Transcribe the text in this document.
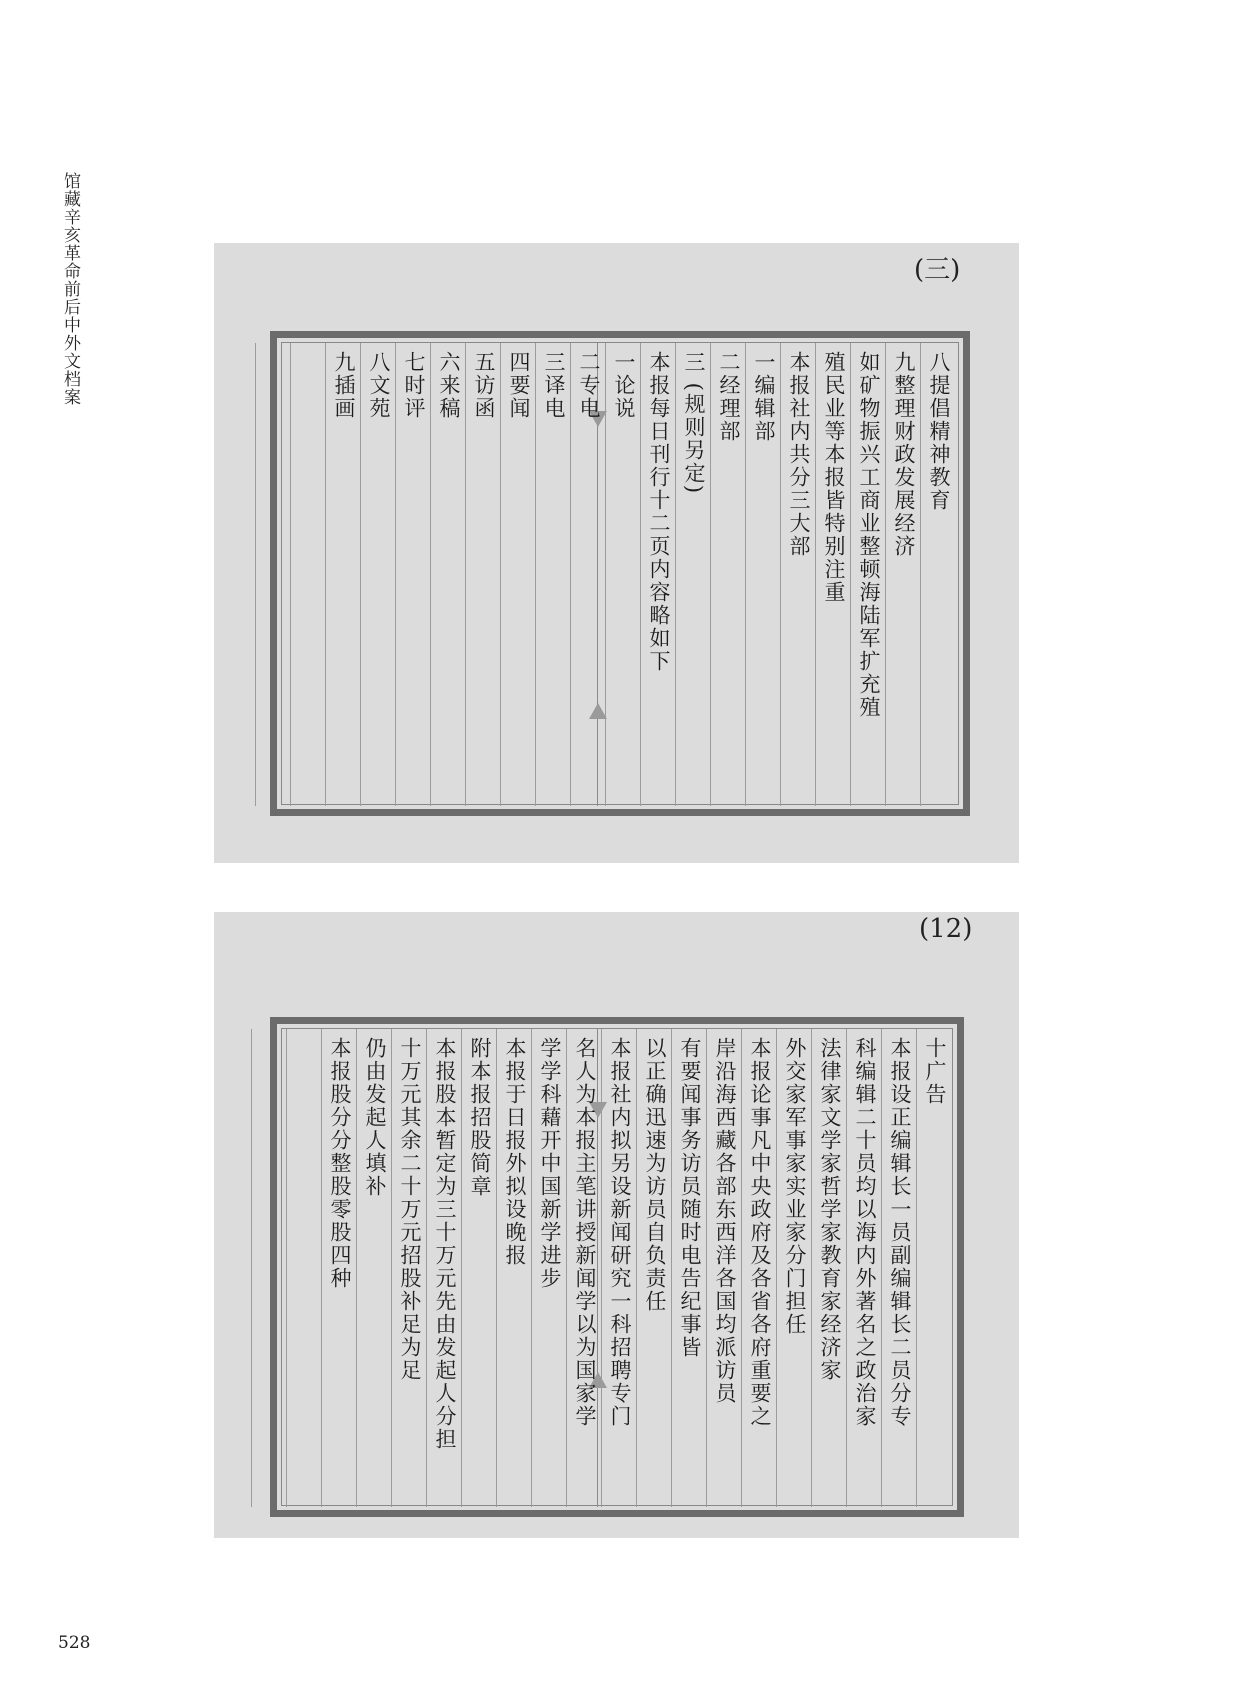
馆藏辛亥革命前后中外文档案	(三)
八提倡精神教育
九整理财政发展经济
如矿物振兴工商业整顿海陆军扩充殖
殖民业等本报皆特别注重
本报社内共分三大部
一编辑部
二经理部
三 (规则另定)
本报每日刊行十二页内容略如下
一论说
二专电
三译电
四要闻
五访函
六来稿
七时评
八文苑
九插画
(12)
十广告
本报设正编辑长一员副编辑长二员分专
科编辑二十员均以海内外著名之政治家
法律家文学家哲学家教育家经济家
外交家军事家实业家分门担任
本报论事凡中央政府及各省各府重要之
岸沿海西藏各部东西洋各国均派访员
有要闻事务访员随时电告纪事皆
以正确迅速为访员自负责任
本报社内拟另设新闻研究一科招聘专门
名人为本报主笔讲授新闻学以为国家学
学学科藉开中国新学进步
本报于日报外拟设晚报
附本报招股简章
本报股本暂定为三十万元先由发起人分担
十万元其余二十万元招股补足为足
仍由发起人填补
本报股分分整股零股四种
528
